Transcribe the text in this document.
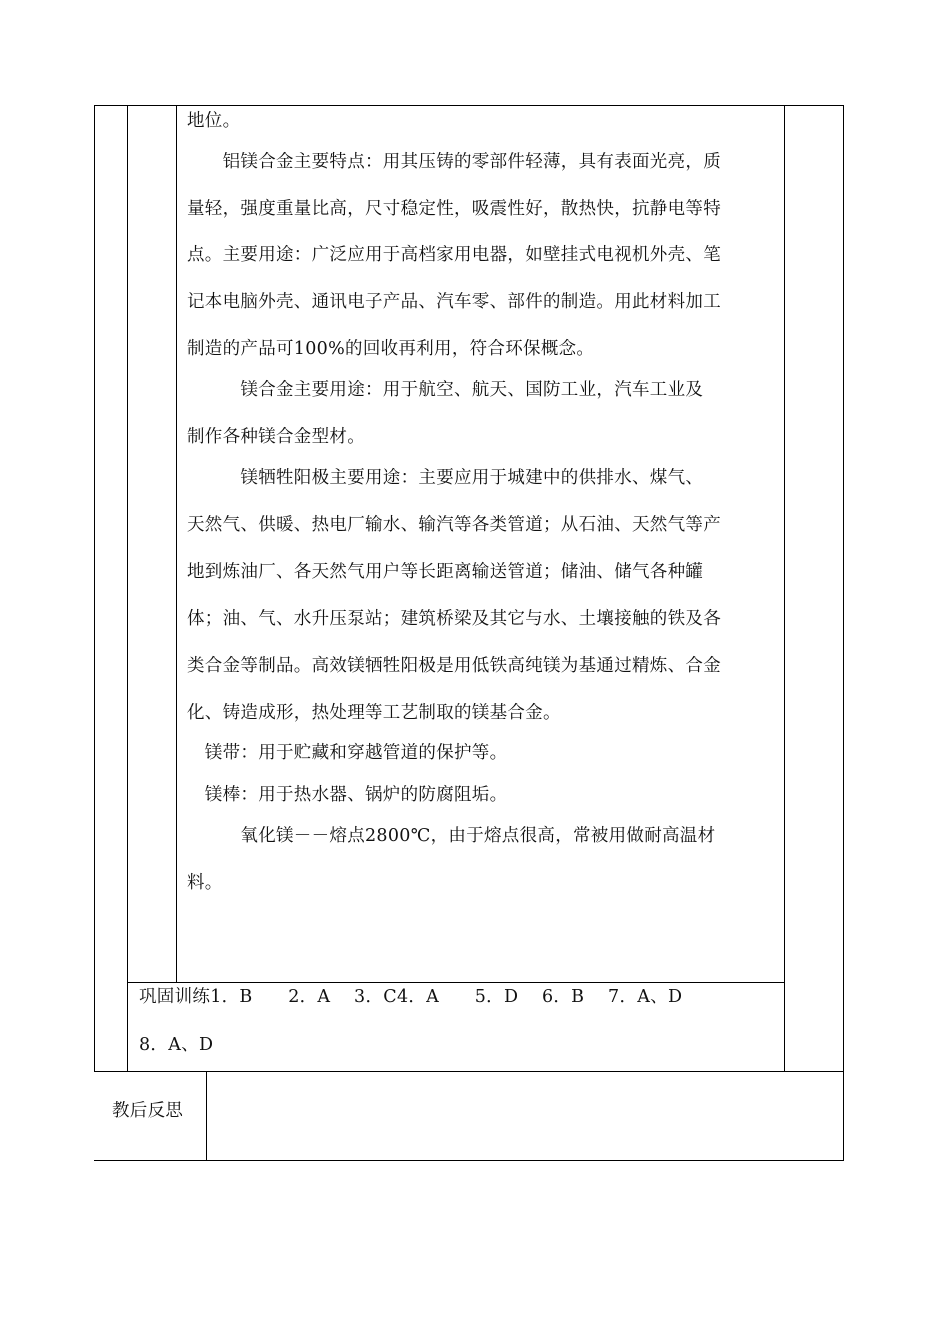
地位。
　　铝镁合金主要特点：用其压铸的零部件轻薄，具有表面光亮，质
量轻，强度重量比高，尺寸稳定性，吸震性好，散热快，抗静电等特
点。主要用途：广泛应用于高档家用电器，如壁挂式电视机外壳、笔
记本电脑外壳、通讯电子产品、汽车零、部件的制造。用此材料加工
制造的产品可100%的回收再利用，符合环保概念。
　　　镁合金主要用途：用于航空、航天、国防工业，汽车工业及
制作各种镁合金型材。
　　　镁牺牲阳极主要用途：主要应用于城建中的供排水、煤气、
天然气、供暖、热电厂输水、输汽等各类管道；从石油、天然气等产
地到炼油厂、各天然气用户等长距离输送管道；储油、储气各种罐
体；油、气、水升压泵站；建筑桥梁及其它与水、土壤接触的铁及各
类合金等制品。高效镁牺牲阳极是用低铁高纯镁为基通过精炼、合金
化、铸造成形，热处理等工艺制取的镁基合金。
　镁带：用于贮藏和穿越管道的保护等。
　镁棒：用于热水器、锅炉的防腐阻垢。
　　　氧化镁－－熔点2800℃，由于熔点很高，常被用做耐高温材
料。
巩固训练1．B　　2．A　 3．C4．A　　5．D　 6．B　 7．A、D
8．A、D
教后反思
